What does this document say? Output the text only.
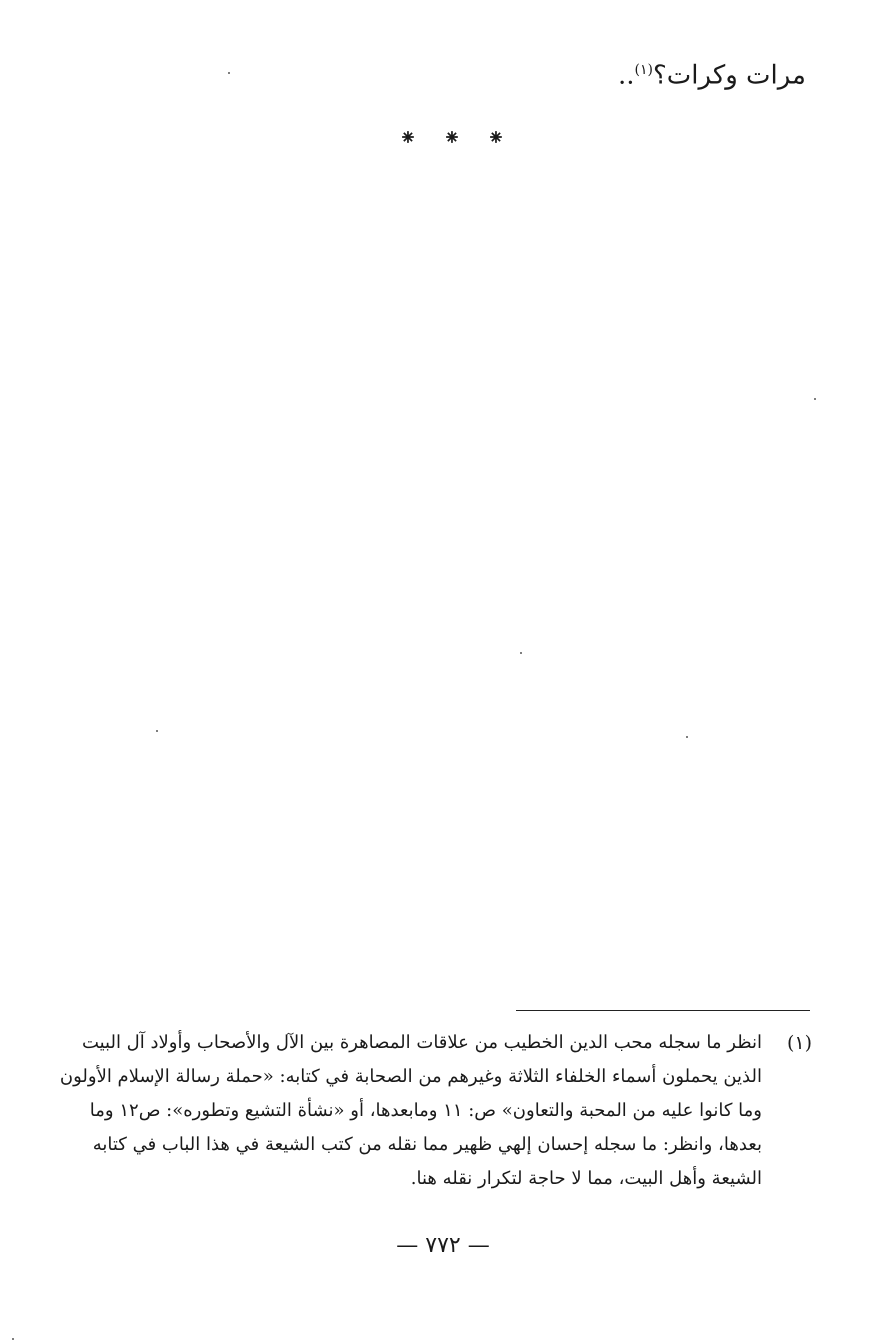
مرات وكرات؟$^{(١)}$..
⁕ ⁕ ⁕
(١)
انظر ما سجله محب الدين الخطيب من علاقات المصاهرة بين الآل والأصحاب وأولاد آل البيت
الذين يحملون أسماء الخلفاء الثلاثة وغيرهم من الصحابة في كتابه: «حملة رسالة الإسلام الأولون
وما كانوا عليه من المحبة والتعاون» ص: ١١ ومابعدها، أو «نشأة التشيع وتطوره»: ص١٢ وما
بعدها، وانظر: ما سجله إحسان إلهي ظهير مما نقله من كتب الشيعة في هذا الباب في كتابه
الشيعة وأهل البيت، مما لا حاجة لتكرار نقله هنا.
— ٧٧٢ —
